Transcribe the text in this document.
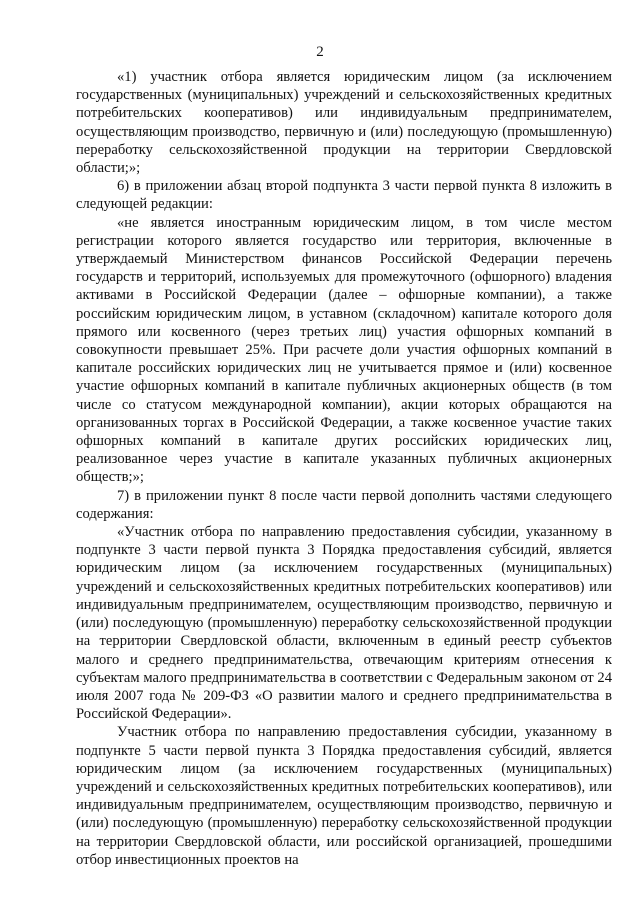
2

«1) участник отбора является юридическим лицом (за исключением государственных (муниципальных) учреждений и сельскохозяйственных кредитных потребительских кооперативов) или индивидуальным предпринимателем, осуществляющим производство, первичную и (или) последующую (промышленную) переработку сельскохозяйственной продукции на территории Свердловской области;»;

6) в приложении абзац второй подпункта 3 части первой пункта 8 изложить в следующей редакции:

«не является иностранным юридическим лицом, в том числе местом регистрации которого является государство или территория, включенные в утверждаемый Министерством финансов Российской Федерации перечень государств и территорий, используемых для промежуточного (офшорного) владения активами в Российской Федерации (далее – офшорные компании), а также российским юридическим лицом, в уставном (складочном) капитале которого доля прямого или косвенного (через третьих лиц) участия офшорных компаний в совокупности превышает 25%. При расчете доли участия офшорных компаний в капитале российских юридических лиц не учитывается прямое и (или) косвенное участие офшорных компаний в капитале публичных акционерных обществ (в том числе со статусом международной компании), акции которых обращаются на организованных торгах в Российской Федерации, а также косвенное участие таких офшорных компаний в капитале других российских юридических лиц, реализованное через участие в капитале указанных публичных акционерных обществ;»;

7) в приложении пункт 8 после части первой дополнить частями следующего содержания:

«Участник отбора по направлению предоставления субсидии, указанному в подпункте 3 части первой пункта 3 Порядка предоставления субсидий, является юридическим лицом (за исключением государственных (муниципальных) учреждений и сельскохозяйственных кредитных потребительских кооперативов) или индивидуальным предпринимателем, осуществляющим производство, первичную и (или) последующую (промышленную) переработку сельскохозяйственной продукции на территории Свердловской области, включенным в единый реестр субъектов малого и среднего предпринимательства, отвечающим критериям отнесения к субъектам малого предпринимательства в соответствии с Федеральным законом от 24 июля 2007 года № 209-ФЗ «О развитии малого и среднего предпринимательства в Российской Федерации».

Участник отбора по направлению предоставления субсидии, указанному в подпункте 5 части первой пункта 3 Порядка предоставления субсидий, является юридическим лицом (за исключением государственных (муниципальных) учреждений и сельскохозяйственных кредитных потребительских кооперативов), или индивидуальным предпринимателем, осуществляющим производство, первичную и (или) последующую (промышленную) переработку сельскохозяйственной продукции на территории Свердловской области, или российской организацией, прошедшими отбор инвестиционных проектов на
